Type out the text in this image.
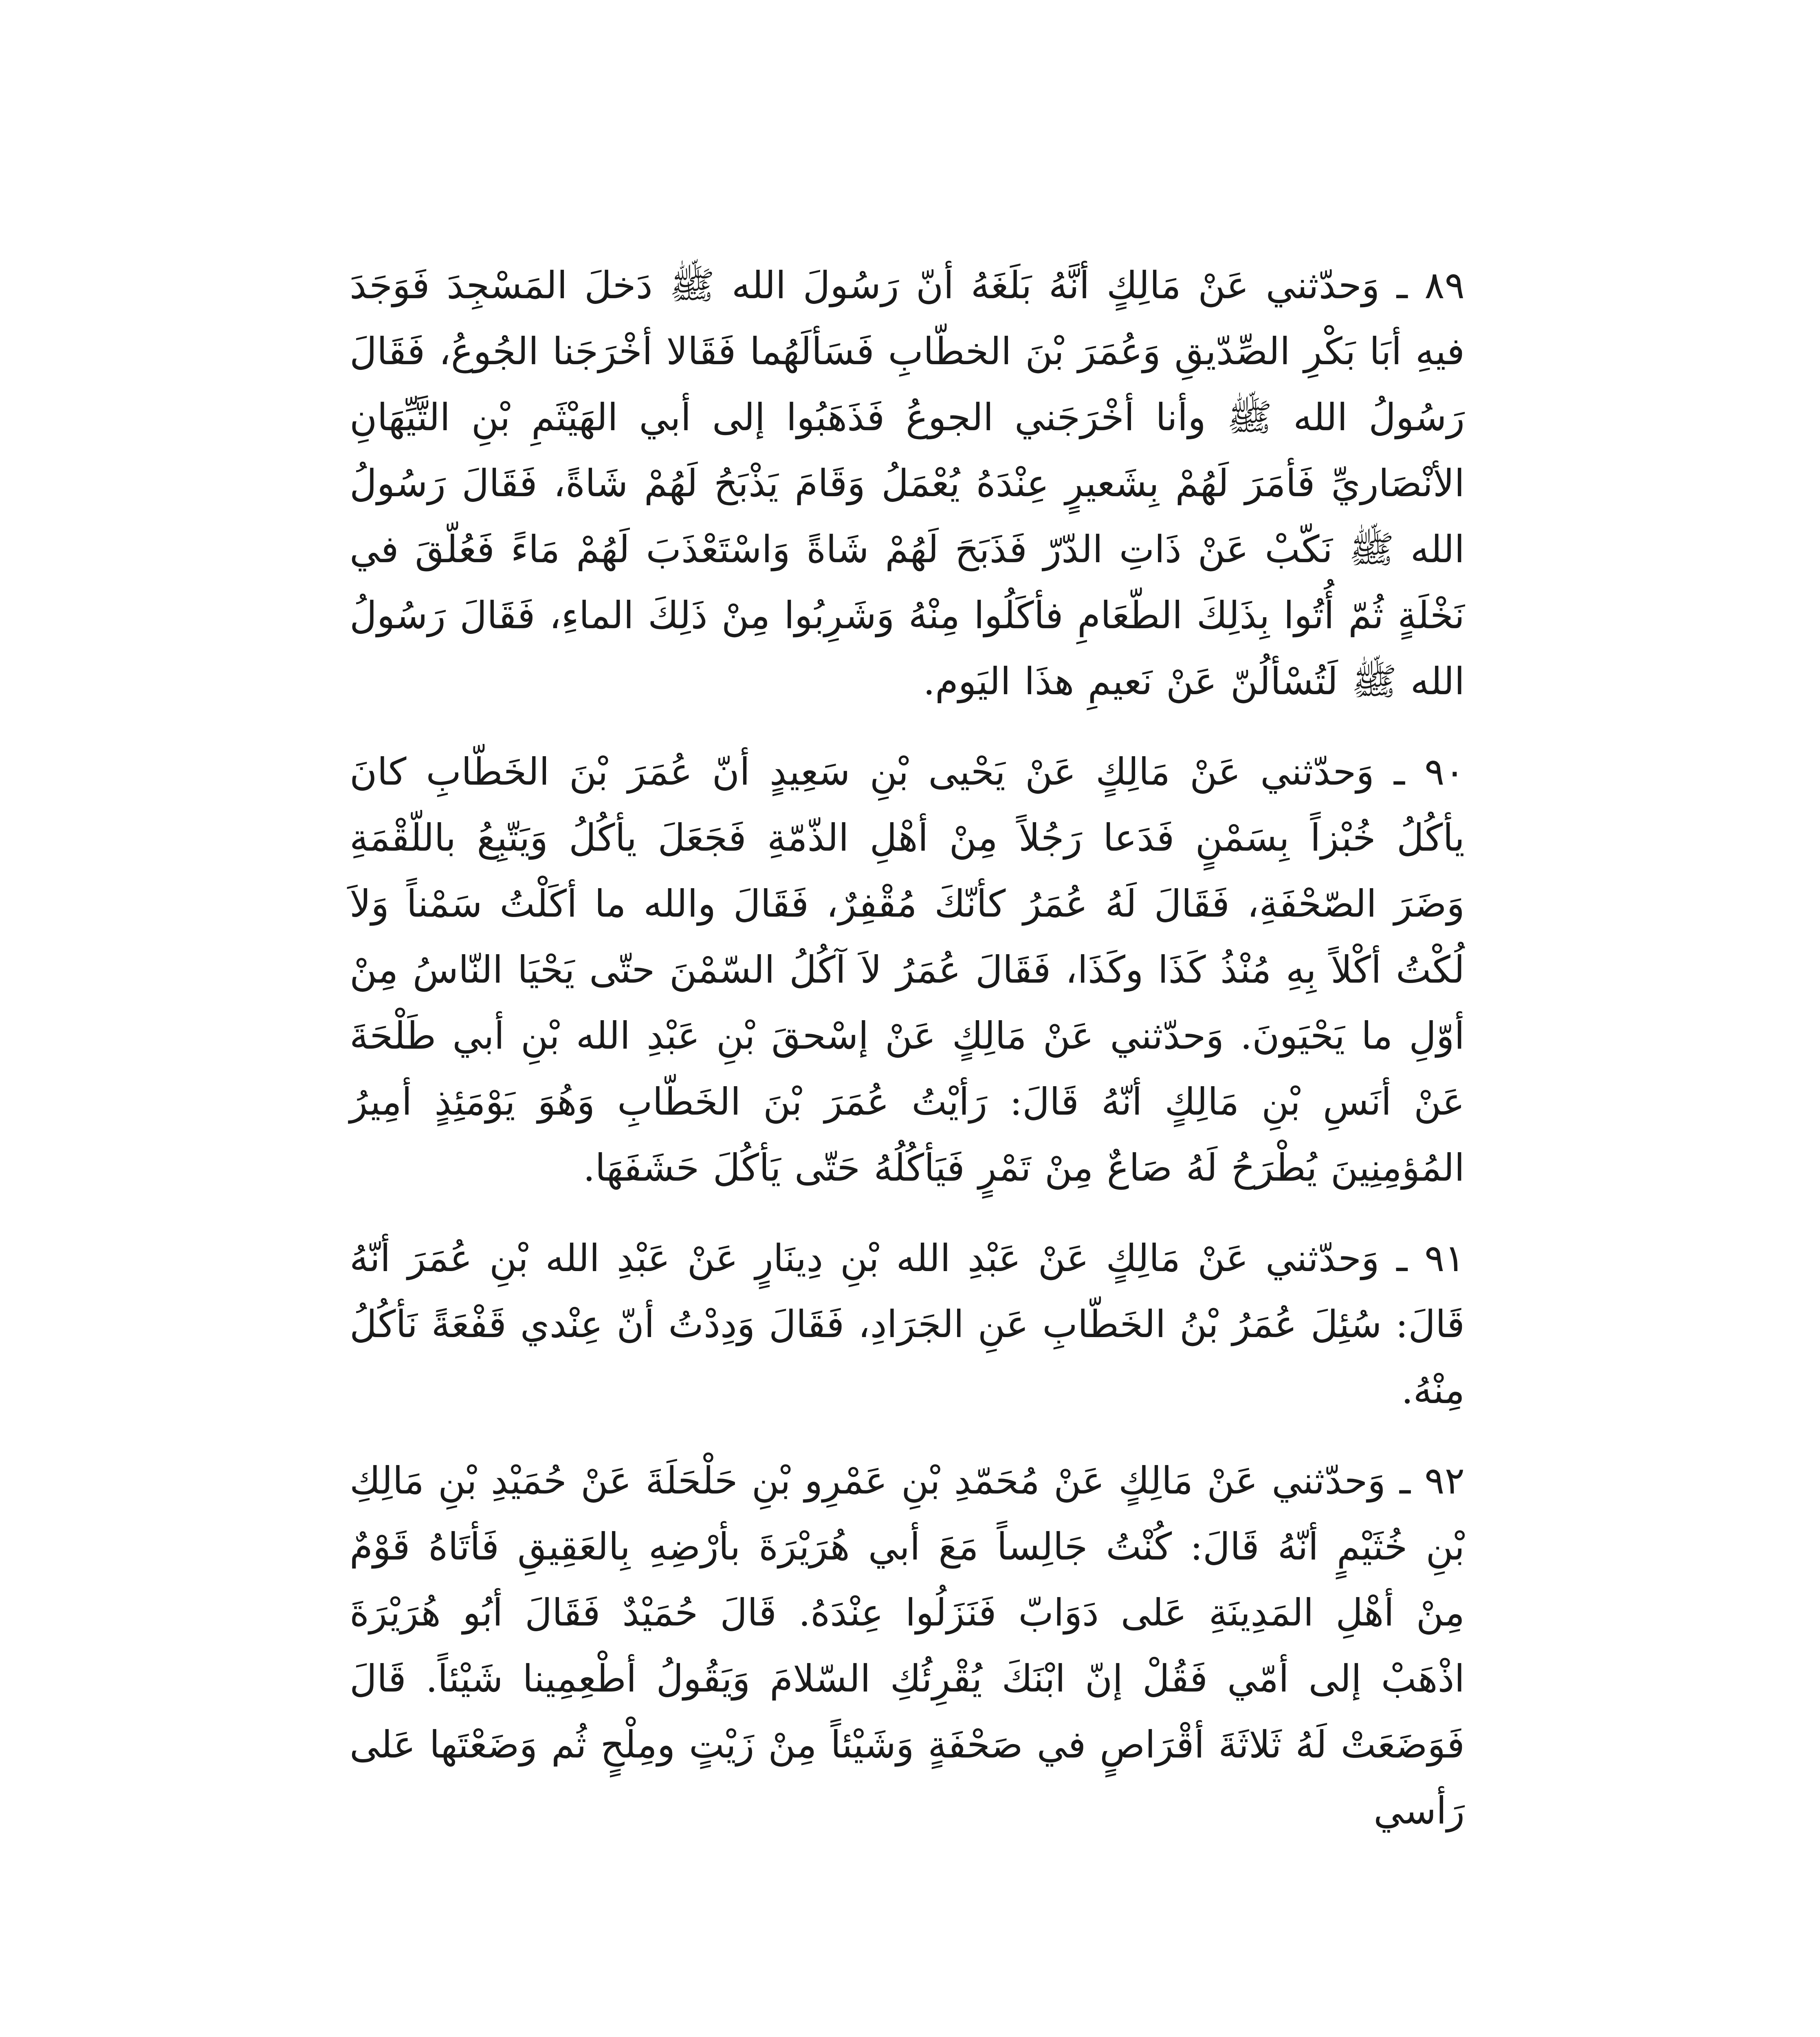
٨٩ ـ وَحدّثني عَنْ مَالِكٍ أنَّهُ بَلَغَهُ أنّ رَسُولَ الله ﷺ دَخلَ المَسْجِدَ فَوَجَدَ فيهِ أبَا بَكْرِ الصِّدّيقِ وَعُمَرَ بْنَ الخطّابِ فَسَألَهُما فَقَالا أخْرَجَنا الجُوعُ، فَقَالَ رَسُولُ الله ﷺ وأنا أخْرَجَني الجوعُ فَذَهَبُوا إلى أبي الهَيْثَمِ بْنِ التَّيِّهَانِ الأنْصَاريِّ فَأمَرَ لَهُمْ بِشَعيرٍ عِنْدَهُ يُعْمَلُ وَقَامَ يَذْبَحُ لَهُمْ شَاةً، فَقَالَ رَسُولُ الله ﷺ نَكّبْ عَنْ ذَاتِ الدّرّ فَذَبَحَ لَهُمْ شَاةً وَاسْتَعْذَبَ لَهُمْ مَاءً فَعُلّقَ في نَخْلَةٍ ثُمّ أُتُوا بِذَلِكَ الطّعَامِ فأكَلُوا مِنْهُ وَشَرِبُوا مِنْ ذَلِكَ الماءِ، فَقَالَ رَسُولُ الله ﷺ لَتُسْألُنّ عَنْ نَعيمِ هذَا اليَوم.

٩٠ ـ وَحدّثني عَنْ مَالِكٍ عَنْ يَحْيى بْنِ سَعِيدٍ أنّ عُمَرَ بْنَ الخَطّابِ كانَ يأكُلُ خُبْزاً بِسَمْنٍ فَدَعا رَجُلاً مِنْ أهْلِ الذّمّةِ فَجَعَلَ يأكُلُ وَيَتّبِعُ باللّقْمَةِ وَضَرَ الصّحْفَةِ، فَقَالَ لَهُ عُمَرُ كأنّكَ مُقْفِرٌ، فَقَالَ والله ما أكَلْتُ سَمْناً وَلاَ لُكْتُ أكْلاً بِهِ مُنْذُ كَذَا وكَذَا، فَقَالَ عُمَرُ لاَ آكُلُ السّمْنَ حتّى يَحْيَا النّاسُ مِنْ أوّلِ ما يَحْيَونَ. وَحدّثني عَنْ مَالِكٍ عَنْ إسْحقَ بْنِ عَبْدِ الله بْنِ أبي طَلْحَةَ عَنْ أنَسِ بْنِ مَالِكٍ أنّهُ قَالَ: رَأيْتُ عُمَرَ بْنَ الخَطّابِ وَهُوَ يَوْمَئِذٍ أمِيرُ المُؤمِنِينَ يُطْرَحُ لَهُ صَاعٌ مِنْ تَمْرٍ فَيَأكُلُهُ حَتّى يَأكُلَ حَشَفَهَا.

٩١ ـ وَحدّثني عَنْ مَالِكٍ عَنْ عَبْدِ الله بْنِ دِينَارٍ عَنْ عَبْدِ الله بْنِ عُمَرَ أنّهُ قَالَ: سُئِلَ عُمَرُ بْنُ الخَطّابِ عَنِ الجَرَادِ، فَقَالَ وَدِدْتُ أنّ عِنْدي قَفْعَةً نَأكُلُ مِنْهُ.

٩٢ ـ وَحدّثني عَنْ مَالِكٍ عَنْ مُحَمّدِ بْنِ عَمْرِو بْنِ حَلْحَلَةَ عَنْ حُمَيْدِ بْنِ مَالِكِ بْنِ خُثَيْمٍ أنّهُ قَالَ: كُنْتُ جَالِساً مَعَ أبي هُرَيْرَةَ بأرْضِهِ بِالعَقِيقِ فَأتَاهُ قَوْمٌ مِنْ أهْلِ المَدِينَةِ عَلى دَوَابّ فَنَزَلُوا عِنْدَهُ. قَالَ حُمَيْدٌ فَقَالَ أبُو هُرَيْرَةَ اذْهَبْ إلى أمّي فَقُلْ إنّ ابْنَكَ يُقْرِئُكِ السّلامَ وَيَقُولُ أطْعِمِينا شَيْئاً. قَالَ فَوَضَعَتْ لَهُ ثَلاثَةَ أقْرَاصٍ في صَحْفَةٍ وَشَيْئاً مِنْ زَيْتٍ ومِلْحٍ ثُم وَضَعْتَها عَلى رَأسي
